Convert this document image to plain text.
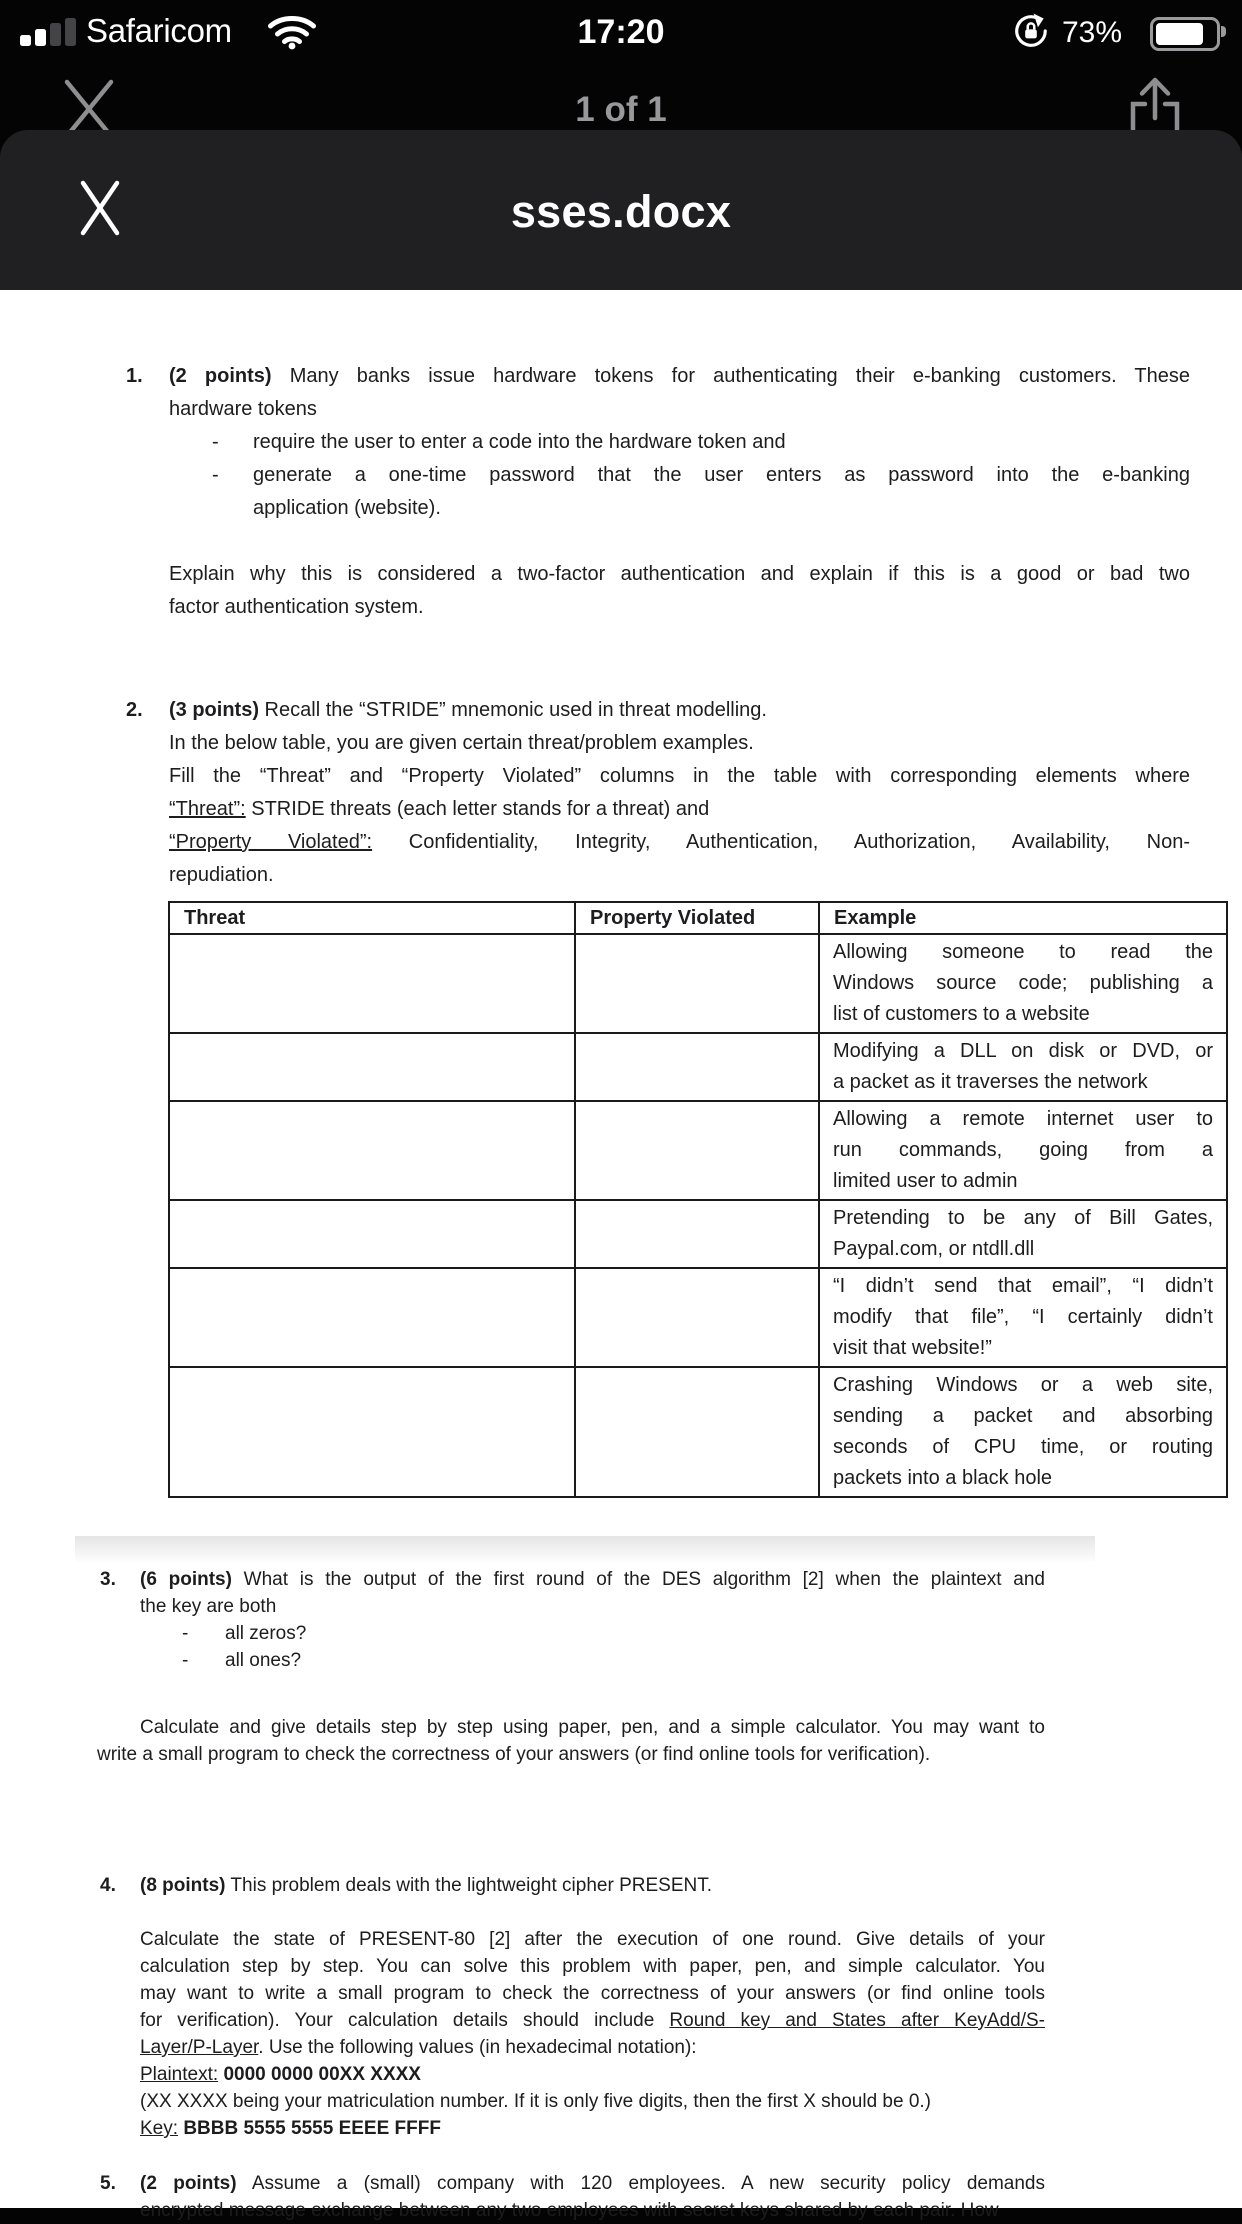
Safaricom	17:20	73%
1 of 1
sses.docx
1. (2 points) Many banks issue hardware tokens for authenticating their e-banking customers. These
hardware tokens
- require the user to enter a code into the hardware token and
- generate a one-time password that the user enters as password into the e-banking
application (website).

Explain why this is considered a two-factor authentication and explain if this is a good or bad two
factor authentication system.
2. (3 points) Recall the “STRIDE” mnemonic used in threat modelling.
In the below table, you are given certain threat/problem examples.
Fill the “Threat” and “Property Violated” columns in the table with corresponding elements where
“Threat”: STRIDE threats (each letter stands for a threat) and
“Property Violated”: Confidentiality, Integrity, Authentication, Authorization, Availability, Non-
repudiation.
Threat	Property Violated	Example

		Allowing someone to read the
Windows source code; publishing a
list of customers to a website

		Modifying a DLL on disk or DVD, or
a packet as it traverses the network

		Allowing a remote internet user to
run commands, going from a
limited user to admin

		Pretending to be any of Bill Gates,
Paypal.com, or ntdll.dll

		“I didn’t send that email”, “I didn’t
modify that file”, “I certainly didn’t
visit that website!”

		Crashing Windows or a web site,
sending a packet and absorbing
seconds of CPU time, or routing
packets into a black hole
3.	(6 points) What is the output of the first round of the DES algorithm [2] when the plaintext and
the key are both
- all zeros?
- all ones?

Calculate and give details step by step using paper, pen, and a simple calculator. You may want to
write a small program to check the correctness of your answers (or find online tools for verification).
4. (8 points) This problem deals with the lightweight cipher PRESENT.

Calculate the state of PRESENT-80 [2] after the execution of one round. Give details of your
calculation step by step. You can solve this problem with paper, pen, and simple calculator. You
may want to write a small program to check the correctness of your answers (or find online tools
for verification). Your calculation details should include Round key and States after KeyAdd/S-
Layer/P-Layer. Use the following values (in hexadecimal notation):
Plaintext: 0000 0000 00XX XXXX
(XX XXXX being your matriculation number. If it is only five digits, then the first X should be 0.)
Key: BBBB 5555 5555 EEEE FFFF
5. (2 points) Assume a (small) company with 120 employees. A new security policy demands
encrypted message exchange between any two employees with secret keys shared by each pair. How
